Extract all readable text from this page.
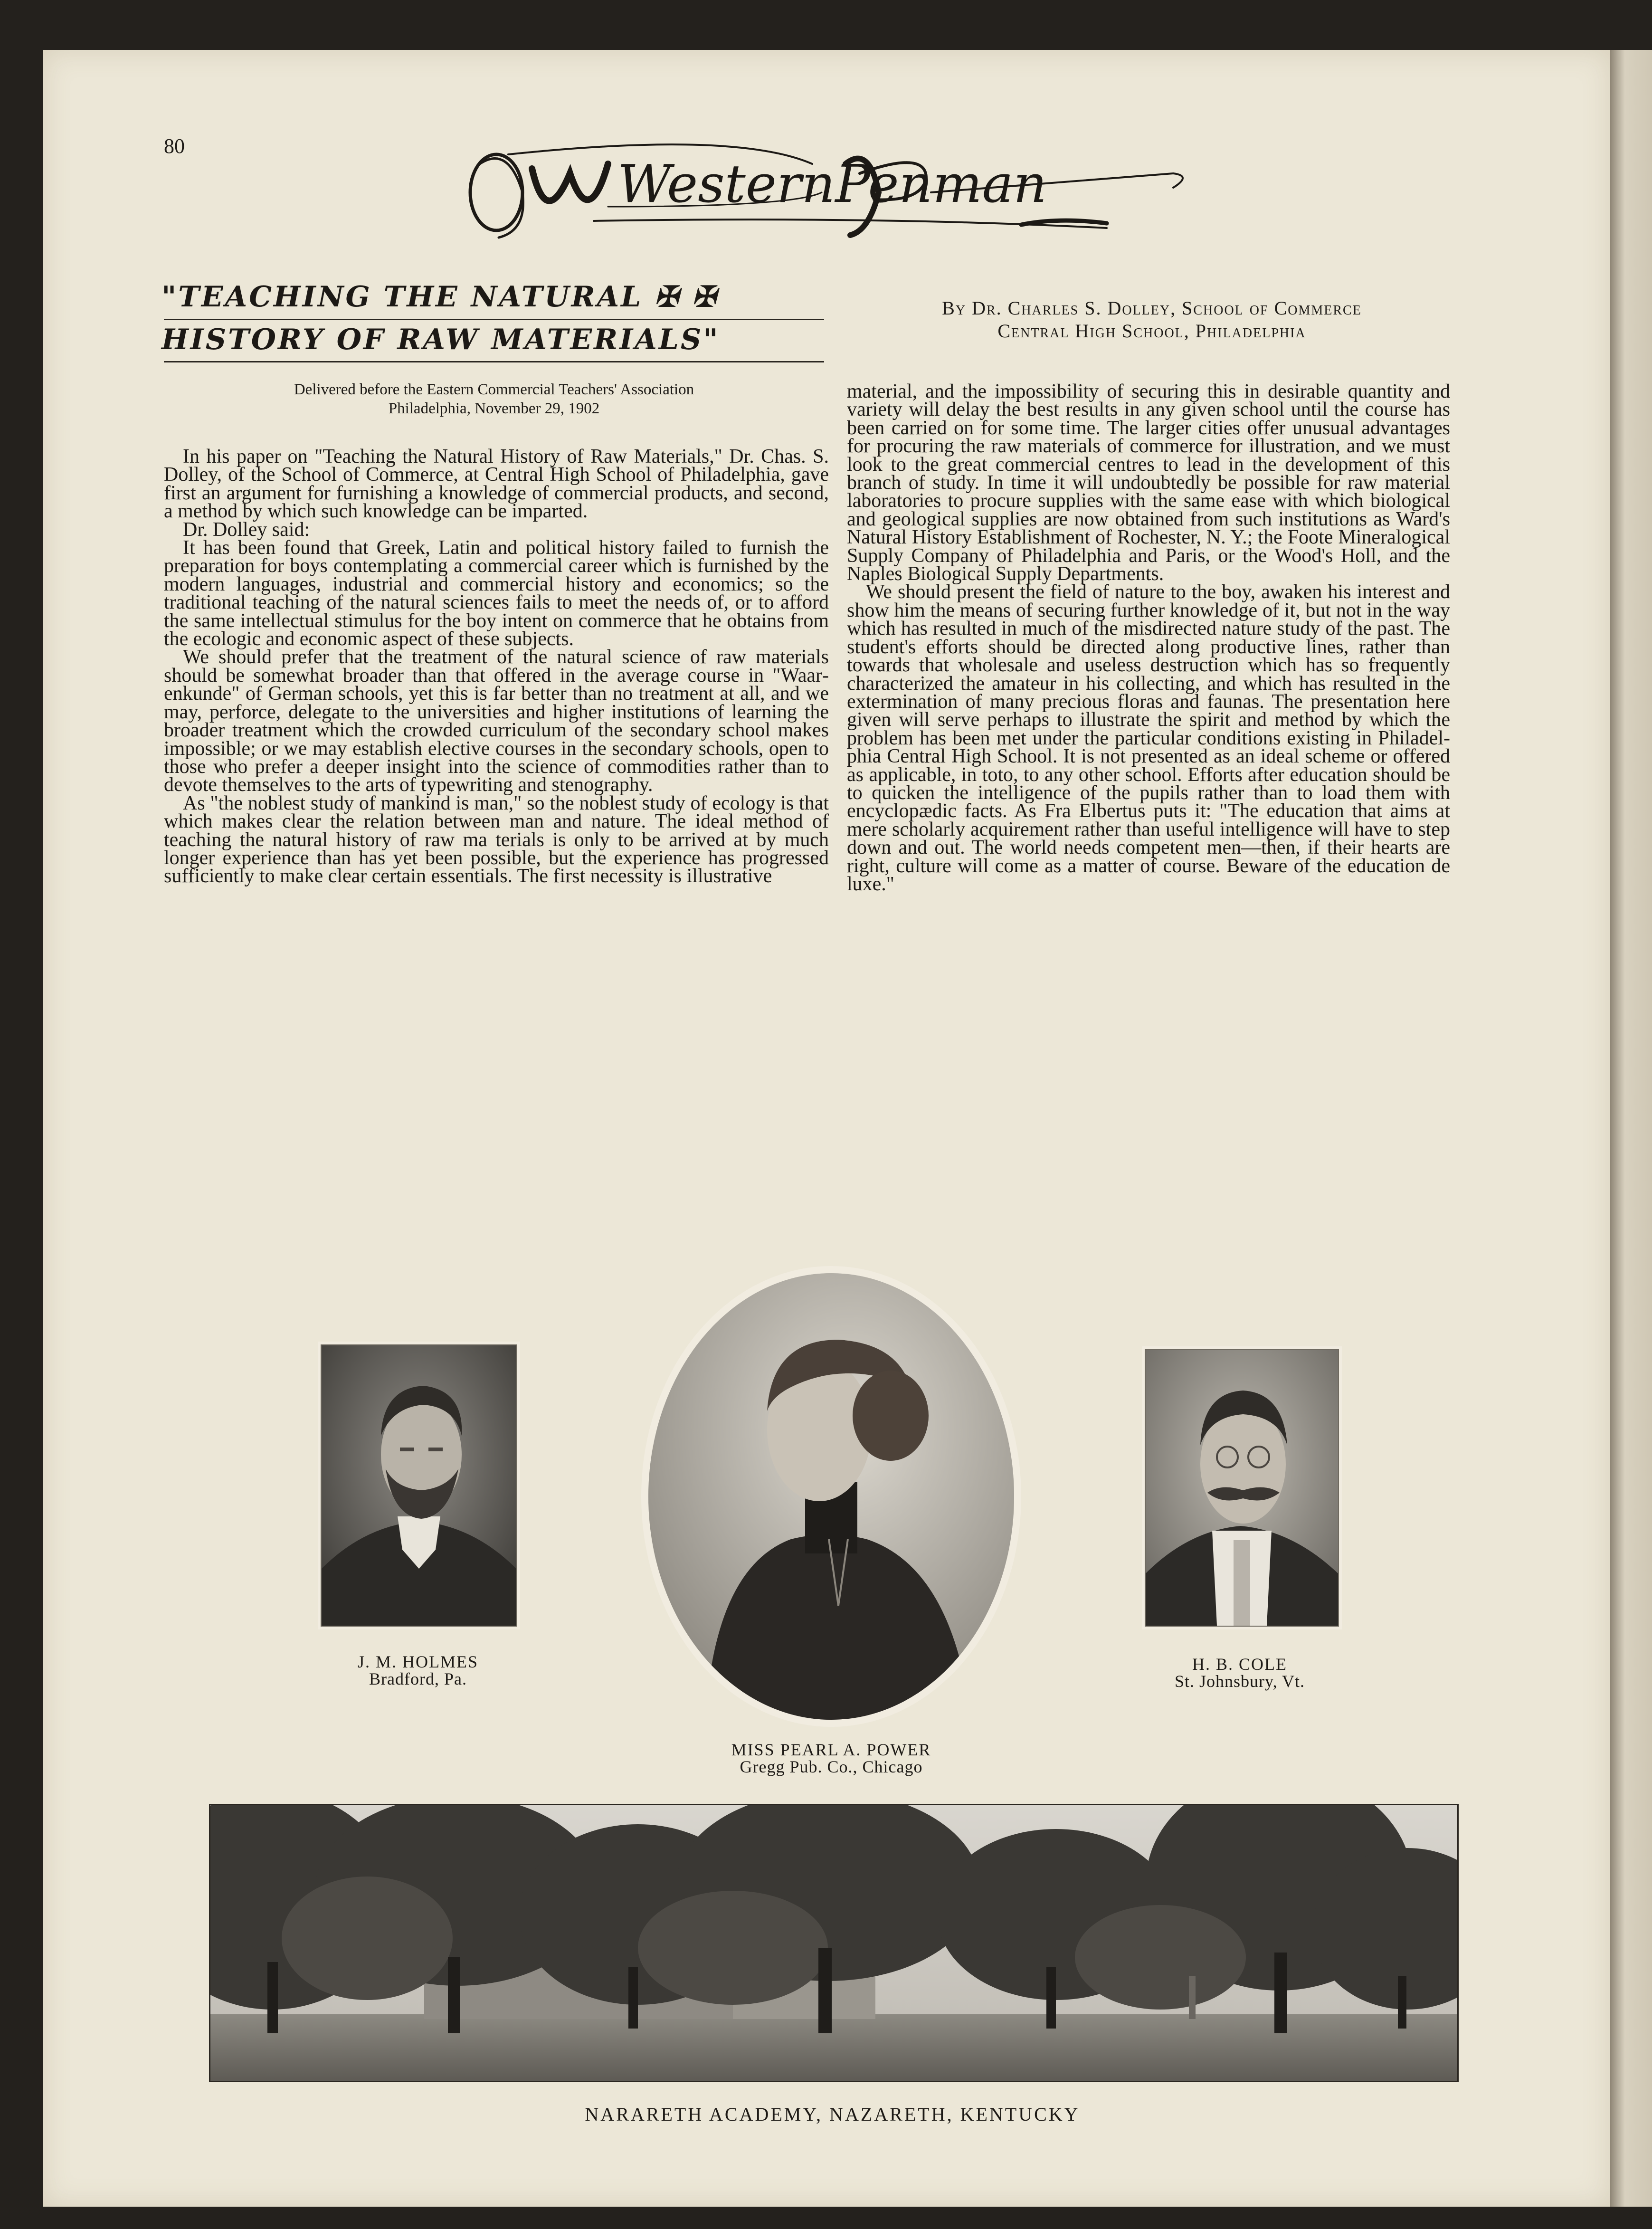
80
WesternPenman
"TEACHING THE NATURAL ✠ ✠
HISTORY OF RAW MATERIALS"
By Dr. Charles S. Dolley, School of Commerce
Central High School, Philadelphia
Delivered before the Eastern Commercial Teachers' Association
Philadelphia, November 29, 1902

In his paper on "Teaching the Natural History of Raw Materials," Dr. Chas. S. Dolley, of the School of Commerce, at Central High School of Philadelphia, gave first an argument for furnishing a knowledge of commercial products, and second, a method by which such knowledge can be imparted.

Dr. Dolley said:

It has been found that Greek, Latin and political history failed to furnish the preparation for boys contemplating a commercial career which is furnished by the modern languages, industrial and commercial history and economics; so the traditional teaching of the natural sciences fails to meet the needs of, or to afford the same intellectual stimulus for the boy intent on commerce that he obtains from the ecologic and economic aspect of these subjects.

We should prefer that the treatment of the natural science of raw materials should be somewhat broader than that offered in the average course in "Waarenkunde" of German schools, yet this is far better than no treatment at all, and we may, perforce, delegate to the universities and higher institutions of learning the broader treatment which the crowded curriculum of the secondary school makes impossible; or we may establish elective courses in the secondary schools, open to those who prefer a deeper insight into the science of commodities rather than to devote themselves to the arts of typewriting and stenography.

As "the noblest study of mankind is man," so the noblest study of ecology is that which makes clear the relation between man and nature. The ideal method of teaching the natural history of raw ma terials is only to be arrived at by much longer experience than has yet been possible, but the experience has progressed sufficiently to make clear certain essentials. The first necessity is illustrative

material, and the impossibility of securing this in desirable quantity and variety will delay the best results in any given school until the course has been carried on for some time. The larger cities offer unusual advantages for procuring the raw materials of commerce for illustration, and we must look to the great commercial centres to lead in the development of this branch of study. In time it will undoubtedly be possible for raw material laboratories to procure supplies with the same ease with which biological and geological supplies are now obtained from such institutions as Ward's Natural History Establishment of Rochester, N. Y.; the Foote Mineralogical Supply Company of Philadelphia and Paris, or the Wood's Holl, and the Naples Biological Supply Departments.

We should present the field of nature to the boy, awaken his interest and show him the means of securing further knowledge of it, but not in the way which has resulted in much of the misdirected nature study of the past. The student's efforts should be directed along productive lines, rather than towards that wholesale and useless destruction which has so frequently characterized the amateur in his collecting, and which has resulted in the extermination of many precious floras and faunas. The presentation here given will serve perhaps to illustrate the spirit and method by which the problem has been met under the particular conditions existing in Philadelphia Central High School. It is not presented as an ideal scheme or offered as applicable, in toto, to any other school. Efforts after education should be to quicken the intelligence of the pupils rather than to load them with encyclopædic facts. As Fra Elbertus puts it: "The education that aims at mere scholarly acquirement rather than useful intelligence will have to step down and out. The world needs competent men—then, if their hearts are right, culture will come as a matter of course. Beware of the education de luxe."

J. M. HOLMES
Bradford, Pa.
MISS PEARL A. POWER
Gregg Pub. Co., Chicago
H. B. COLE
St. Johnsbury, Vt.
NARARETH ACADEMY, NAZARETH, KENTUCKY
